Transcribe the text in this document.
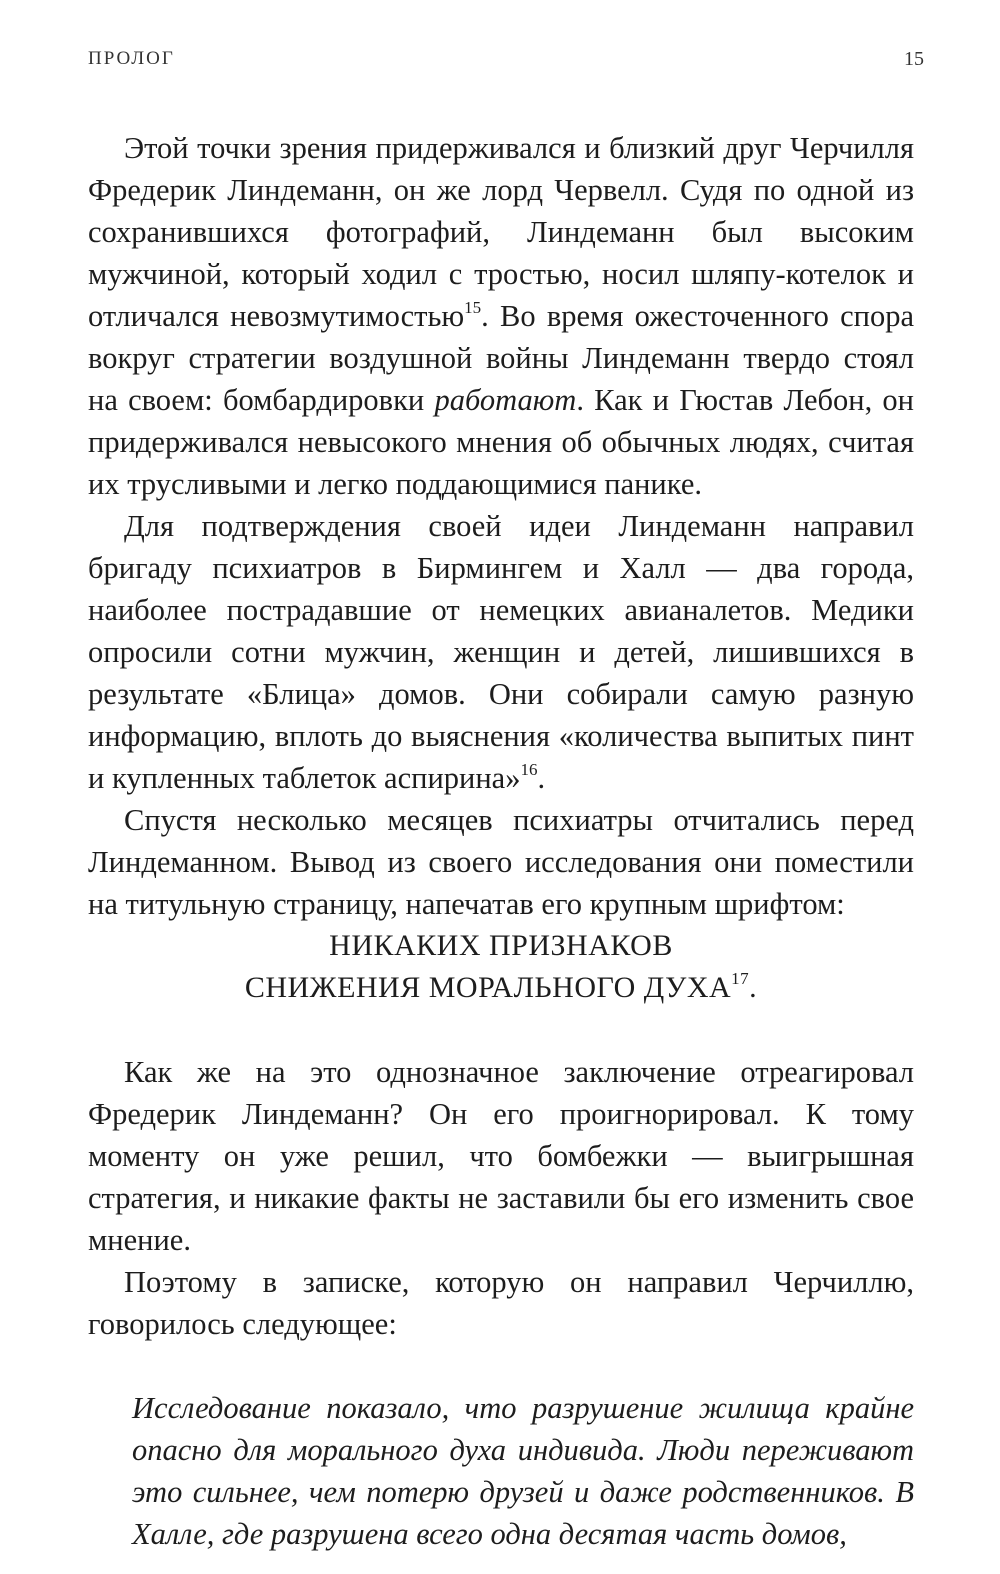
ПРОЛОГ	15

Этой точки зрения придерживался и близкий друг Черчилля Фредерик Линдеманн, он же лорд Червелл. Судя по одной из сохранившихся фотографий, Линдеманн был высоким мужчиной, который ходил с тростью, носил шляпу-котелок и отличался невозмутимостью$^{15}$. Во время ожесточенного спора вокруг стратегии воздушной войны Линдеманн твердо стоял на своем: бомбардировки работают. Как и Гюстав Лебон, он придерживался невысокого мнения об обычных людях, считая их трусливыми и легко поддающимися панике.

Для подтверждения своей идеи Линдеманн направил бригаду психиатров в Бирмингем и Халл — два города, наиболее пострадавшие от немецких авианалетов. Медики опросили сотни мужчин, женщин и детей, лишившихся в результате «Блица» домов. Они собирали самую разную информацию, вплоть до выяснения «количества выпитых пинт и купленных таблеток аспирина»$^{16}$.

Спустя несколько месяцев психиатры отчитались перед Линдеманном. Вывод из своего исследования они поместили на титульную страницу, напечатав его крупным шрифтом:

НИКАКИХ ПРИЗНАКОВ
СНИЖЕНИЯ МОРАЛЬНОГО ДУХА$^{17}$.

Как же на это однозначное заключение отреагировал Фредерик Линдеманн? Он его проигнорировал. К тому моменту он уже решил, что бомбежки — выигрышная стратегия, и никакие факты не заставили бы его изменить свое мнение.

Поэтому в записке, которую он направил Черчиллю, говорилось следующее:

Исследование показало, что разрушение жилища крайне опасно для морального духа индивида. Люди переживают это сильнее, чем потерю друзей и даже родственников. В Халле, где разрушена всего одна десятая часть домов,
